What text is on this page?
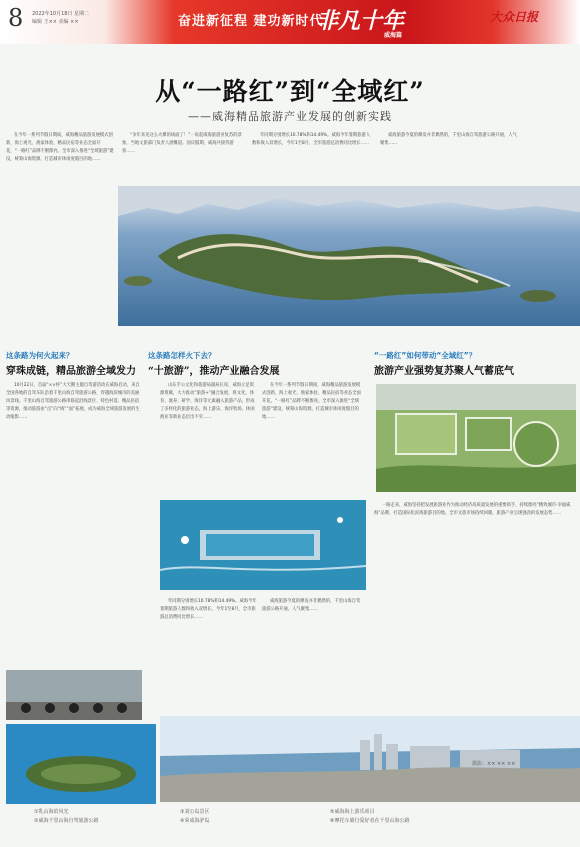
8 2022年10月18日 星期二
编辑 王×× 美编 ××	奋进新征程 建功新时代 ·
非凡十年	大众日报
威海篇
从“一路红”到“全域红”
——威海精品旅游产业发展的创新实践
“争年来见这么火爆的场面了！”一说起威海旅游业复苏的景象，当地文旅部门负责人感慨道。国庆假期，威海共接待游客……
年同期分别增长10.78%和14.49%。威海今年暑期旅游人数和收入双增长，今年1至8月，全市旅游总消费同比增长……
威海旅游今夏的爆发并非偶然的，千里山海自驾旅游公路开通，人气聚集……
在今年一系列节假日期间，威海精品旅游发展模式创新，海上观光、渔家体验、精品民宿等业态全面开花，“一路红”品牌不断擦亮。全市深入推进“全域旅游”建设，统筹山海资源，打造城市休闲度假目的地……
这条路为何火起来？
穿珠成链，精品旅游全域发力
这条路怎样火下去？
“十旅游”，推动产业融合发展
“一路红”如何带动“全域红”？
旅游产业强势复苏聚人气蓄底气
10月22日，首届“××杯”大天鹅主题自驾游活动在威海启动，来自全国各地的自驾车队沿着千里山海自驾旅游公路，穿越海滨城市的美丽风景线。千里山海自驾旅游公路串联起沿线景区、特色村落、精品民宿等资源，推动旅游由“点”向“线”“面”拓展，成为威海全域旅游发展的生动缩影……
山东手公文化和旅游局副局长说，威海立足资源禀赋，大力推动“旅游+”融合发展，将文化、体育、康养、研学、海洋等元素融入旅游产品，形成了多样化的旅游业态。海上游乐、海洋牧场、休闲渔业等新业态层出不穷……
在今年一系列节假日期间，威海精品旅游发展模式创新，海上观光、渔家体验、精品民宿等业态全面开花，“一路红”品牌不断擦亮。全市深入推进“全域旅游”建设，统筹山海资源，打造城市休闲度假目的地……
一路走来，威海坚持把发展旅游业作为推动经济高质量发展的重要抓手，持续擦亮“精致城市·幸福威海”品牌，打造国际化滨海旅游目的地。全市文旅市场持续回暖，旅游产业呈现强劲的发展态势……
年同期分别增长10.78%和14.49%。威海今年暑期旅游人数和收入双增长，今年1至8月，全市旅游总消费同比增长……
威海旅游今夏的爆发并非偶然的，千里山海自驾旅游公路开通，人气聚集……
摄影：×× ×× ××
①乳山海滨风光
②威海千里山海自驾旅游公路
③刘公岛景区
④荣成海驴岛
⑤威海海上游乐项目
⑥摩托车骑行爱好者在千里山海公路
